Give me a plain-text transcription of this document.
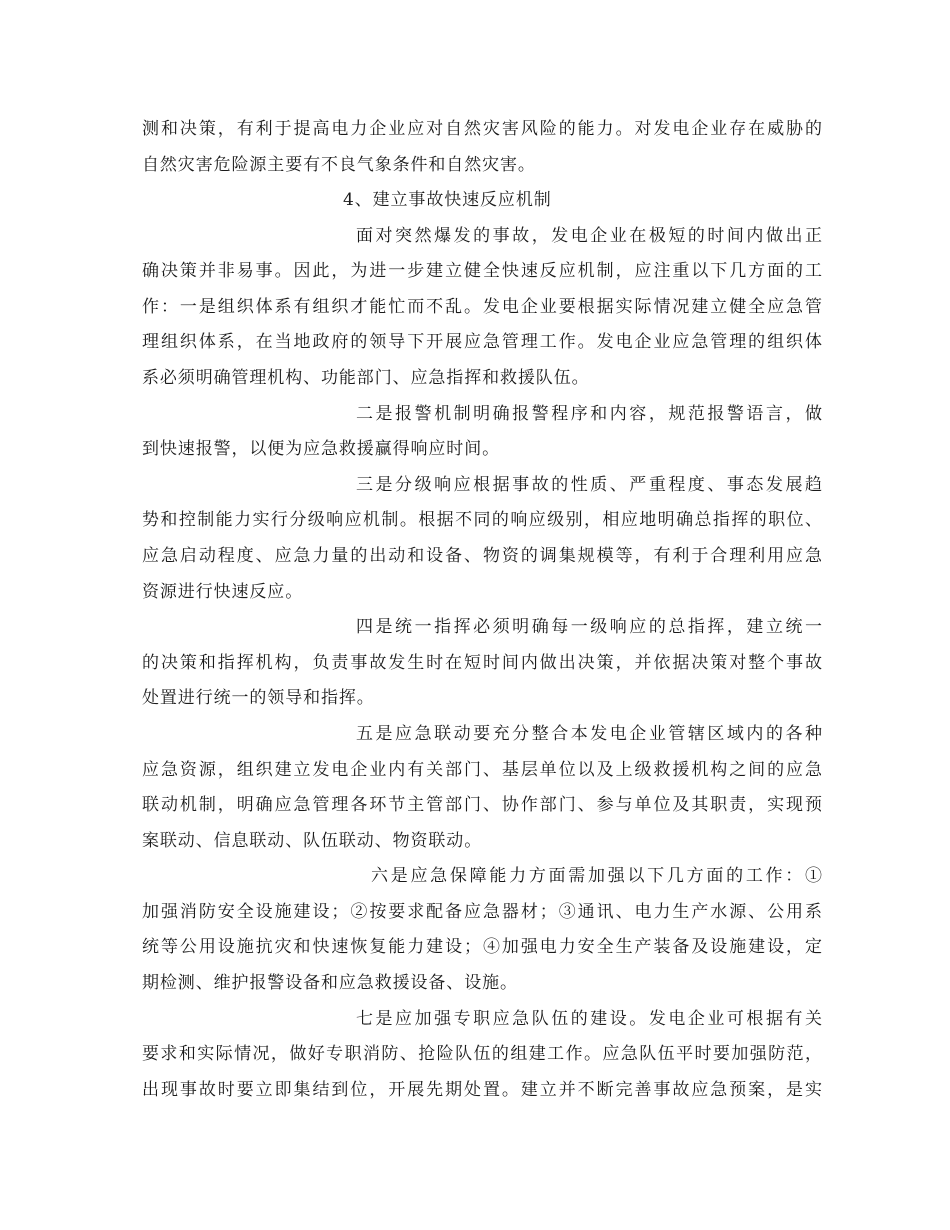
测和决策，有利于提高电力企业应对自然灾害风险的能力。对发电企业存在威胁的
自然灾害危险源主要有不良气象条件和自然灾害。
4、建立事故快速反应机制
面对突然爆发的事故，发电企业在极短的时间内做出正
确决策并非易事。因此，为进一步建立健全快速反应机制，应注重以下几方面的工
作：一是组织体系有组织才能忙而不乱。发电企业要根据实际情况建立健全应急管
理组织体系，在当地政府的领导下开展应急管理工作。发电企业应急管理的组织体
系必须明确管理机构、功能部门、应急指挥和救援队伍。
二是报警机制明确报警程序和内容，规范报警语言，做
到快速报警，以便为应急救援赢得响应时间。
三是分级响应根据事故的性质、严重程度、事态发展趋
势和控制能力实行分级响应机制。根据不同的响应级别，相应地明确总指挥的职位、
应急启动程度、应急力量的出动和设备、物资的调集规模等，有利于合理利用应急
资源进行快速反应。
四是统一指挥必须明确每一级响应的总指挥，建立统一
的决策和指挥机构，负责事故发生时在短时间内做出决策，并依据决策对整个事故
处置进行统一的领导和指挥。
五是应急联动要充分整合本发电企业管辖区域内的各种
应急资源，组织建立发电企业内有关部门、基层单位以及上级救援机构之间的应急
联动机制，明确应急管理各环节主管部门、协作部门、参与单位及其职责，实现预
案联动、信息联动、队伍联动、物资联动。
六是应急保障能力方面需加强以下几方面的工作：①
加强消防安全设施建设；②按要求配备应急器材；③通讯、电力生产水源、公用系
统等公用设施抗灾和快速恢复能力建设；④加强电力安全生产装备及设施建设，定
期检测、维护报警设备和应急救援设备、设施。
七是应加强专职应急队伍的建设。发电企业可根据有关
要求和实际情况，做好专职消防、抢险队伍的组建工作。应急队伍平时要加强防范，
出现事故时要立即集结到位，开展先期处置。建立并不断完善事故应急预案，是实
